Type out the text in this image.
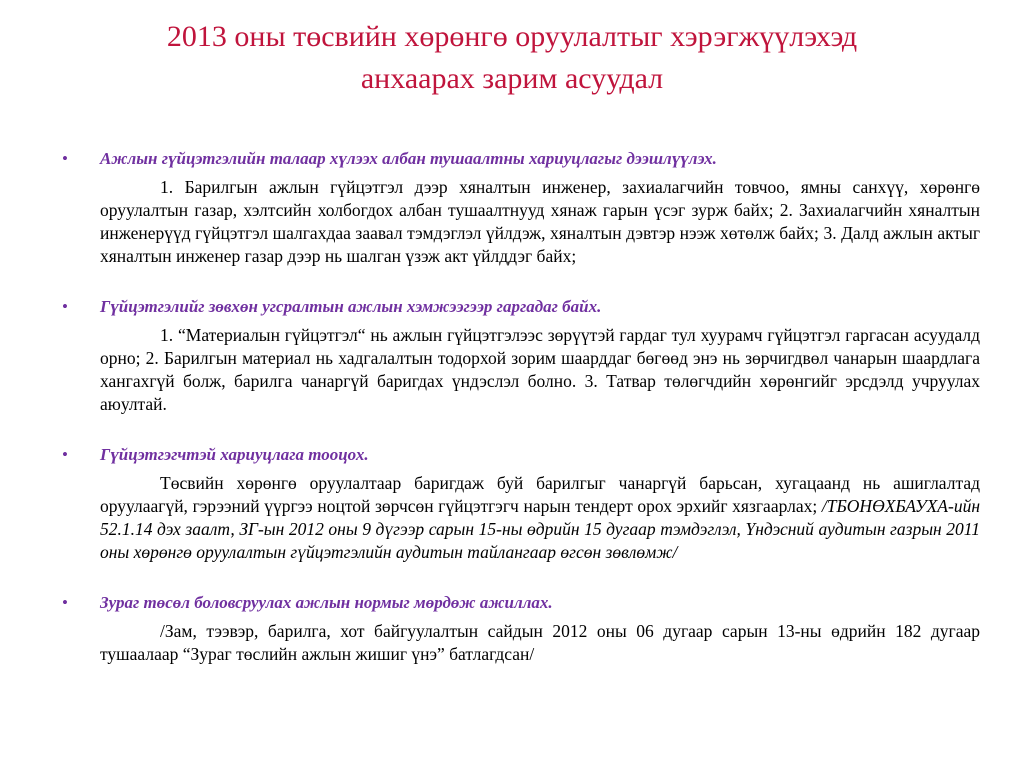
2013 оны төсвийн хөрөнгө оруулалтыг хэрэгжүүлэхэд
анхаарах зарим асуудал
• Ажлын гүйцэтгэлийн талаар хүлээх албан тушаалтны хариуцлагыг дээшлүүлэх.
1. Барилгын ажлын гүйцэтгэл дээр хяналтын инженер, захиалагчийн товчоо, ямны санхүү, хөрөнгө оруулалтын газар, хэлтсийн холбогдох албан тушаалтнууд хянаж гарын үсэг зурж байх; 2. Захиалагчийн хяналтын инженерүүд гүйцэтгэл шалгахдаа заавал тэмдэглэл үйлдэж, хяналтын дэвтэр нээж хөтөлж байх; 3. Далд ажлын актыг хяналтын инженер газар дээр нь шалган үзэж акт үйлддэг байх;
• Гүйцэтгэлийг зөвхөн угсралтын ажлын хэмжээгээр гаргадаг байх.
1. “Материалын гүйцэтгэл“ нь ажлын гүйцэтгэлээс зөрүүтэй гардаг тул хуурамч гүйцэтгэл гаргасан асуудалд орно; 2. Барилгын материал нь хадгалалтын тодорхой зорим шаарддаг бөгөөд энэ нь зөрчигдвөл чанарын шаардлага хангахгүй болж, барилга чанаргүй баригдах үндэслэл болно. 3. Татвар төлөгчдийн хөрөнгийг эрсдэлд учруулах аюултай.
• Гүйцэтгэгчтэй хариуцлага тооцох.
Төсвийн хөрөнгө оруулалтаар баригдаж буй барилгыг чанаргүй барьсан, хугацаанд нь ашиглалтад оруулаагүй, гэрээний үүргээ ноцтой зөрчсөн гүйцэтгэгч нарын тендерт орох эрхийг хязгаарлах; /ТБОНӨХБАУХА-ийн 52.1.14 дэх заалт, ЗГ-ын 2012 оны 9 дүгээр сарын 15-ны өдрийн 15 дугаар тэмдэглэл, Үндэсний аудитын газрын 2011 оны хөрөнгө оруулалтын гүйцэтгэлийн аудитын тайлангаар өгсөн зөвлөмж/
• Зураг төсөл боловсруулах ажлын нормыг мөрдөж ажиллах.
/Зам, тээвэр, барилга, хот байгуулалтын сайдын 2012 оны 06 дугаар сарын 13-ны өдрийн 182 дугаар тушаалаар “Зураг төслийн ажлын жишиг үнэ” батлагдсан/
